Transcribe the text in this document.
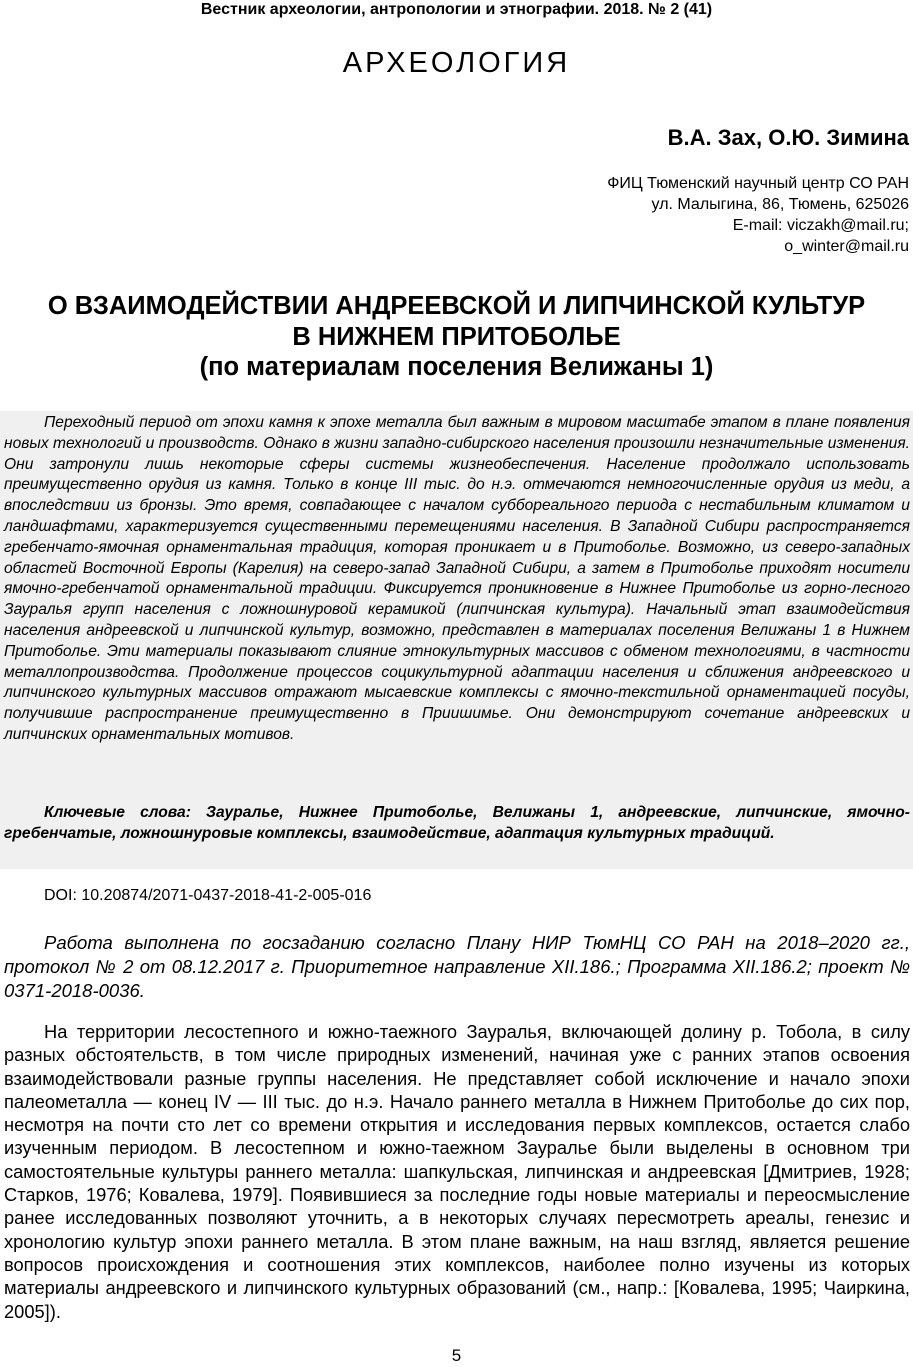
Вестник археологии, антропологии и этнографии. 2018. № 2 (41)
АРХЕОЛОГИЯ
В.А. Зах, О.Ю. Зимина
ФИЦ Тюменский научный центр СО РАН
ул. Малыгина, 86, Тюмень, 625026
E-mail: viczakh@mail.ru;
o_winter@mail.ru
О ВЗАИМОДЕЙСТВИИ АНДРЕЕВСКОЙ И ЛИПЧИНСКОЙ КУЛЬТУР
В НИЖНЕМ ПРИТОБОЛЬЕ
(по материалам поселения Велижаны 1)

Переходный период от эпохи камня к эпохе металла был важным в мировом масштабе этапом в плане появления новых технологий и производств. Однако в жизни западно-сибирского населения произошли незначительные изменения. Они затронули лишь некоторые сферы системы жизнеобеспечения. Население продолжало использовать преимущественно орудия из камня. Только в конце III тыс. до н.э. отмечаются немногочисленные орудия из меди, а впоследствии из бронзы. Это время, совпадающее с началом суббореального периода с нестабильным климатом и ландшафтами, характеризуется существенными перемещениями населения. В Западной Сибири распространяется гребенчато-ямочная орнаментальная традиция, которая проникает и в Притоболье. Возможно, из северо-западных областей Восточной Европы (Карелия) на северо-запад Западной Сибири, а затем в Притоболье приходят носители ямочно-гребенчатой орнаментальной традиции. Фиксируется проникновение в Нижнее Притоболье из горно-лесного Зауралья групп населения с ложношнуровой керамикой (липчинская культура). Начальный этап взаимодействия населения андреевской и липчинской культур, возможно, представлен в материалах поселения Велижаны 1 в Нижнем Притоболье. Эти материалы показывают слияние этнокультурных массивов с обменом технологиями, в частности металлопроизводства. Продолжение процессов социкультурной адаптации населения и сближения андреевского и липчинского культурных массивов отражают мысаевские комплексы с ямочно-текстильной орнаментацией посуды, получившие распространение преимущественно в Приишимье. Они демонстрируют сочетание андреевских и липчинских орнаментальных мотивов.

Ключевые слова: Зауралье, Нижнее Притоболье, Велижаны 1, андреевские, липчинские, ямочно-гребенчатые, ложношнуровые комплексы, взаимодействие, адаптация культурных традиций.

DOI: 10.20874/2071-0437-2018-41-2-005-016

Работа выполнена по госзаданию согласно Плану НИР ТюмНЦ СО РАН на 2018–2020 гг., протокол № 2 от 08.12.2017 г. Приоритетное направление XII.186.; Программа XII.186.2; проект № 0371-2018-0036.

На территории лесостепного и южно-таежного Зауралья, включающей долину р. Тобола, в силу разных обстоятельств, в том числе природных изменений, начиная уже с ранних этапов освоения взаимодействовали разные группы населения. Не представляет собой исключение и начало эпохи палеометалла — конец IV — III тыс. до н.э. Начало раннего металла в Нижнем Притоболье до сих пор, несмотря на почти сто лет со времени открытия и исследования первых комплексов, остается слабо изученным периодом. В лесостепном и южно-таежном Зауралье были выделены в основном три самостоятельные культуры раннего металла: шапкульская, липчинская и андреевская [Дмитриев, 1928; Старков, 1976; Ковалева, 1979]. Появившиеся за последние годы новые материалы и переосмысление ранее исследованных позволяют уточнить, а в некоторых случаях пересмотреть ареалы, генезис и хронологию культур эпохи раннего металла. В этом плане важным, на наш взгляд, является решение вопросов происхождения и соотношения этих комплексов, наиболее полно изучены из которых материалы андреевского и липчинского культурных образований (см., напр.: [Ковалева, 1995; Чаиркина, 2005]).

5
